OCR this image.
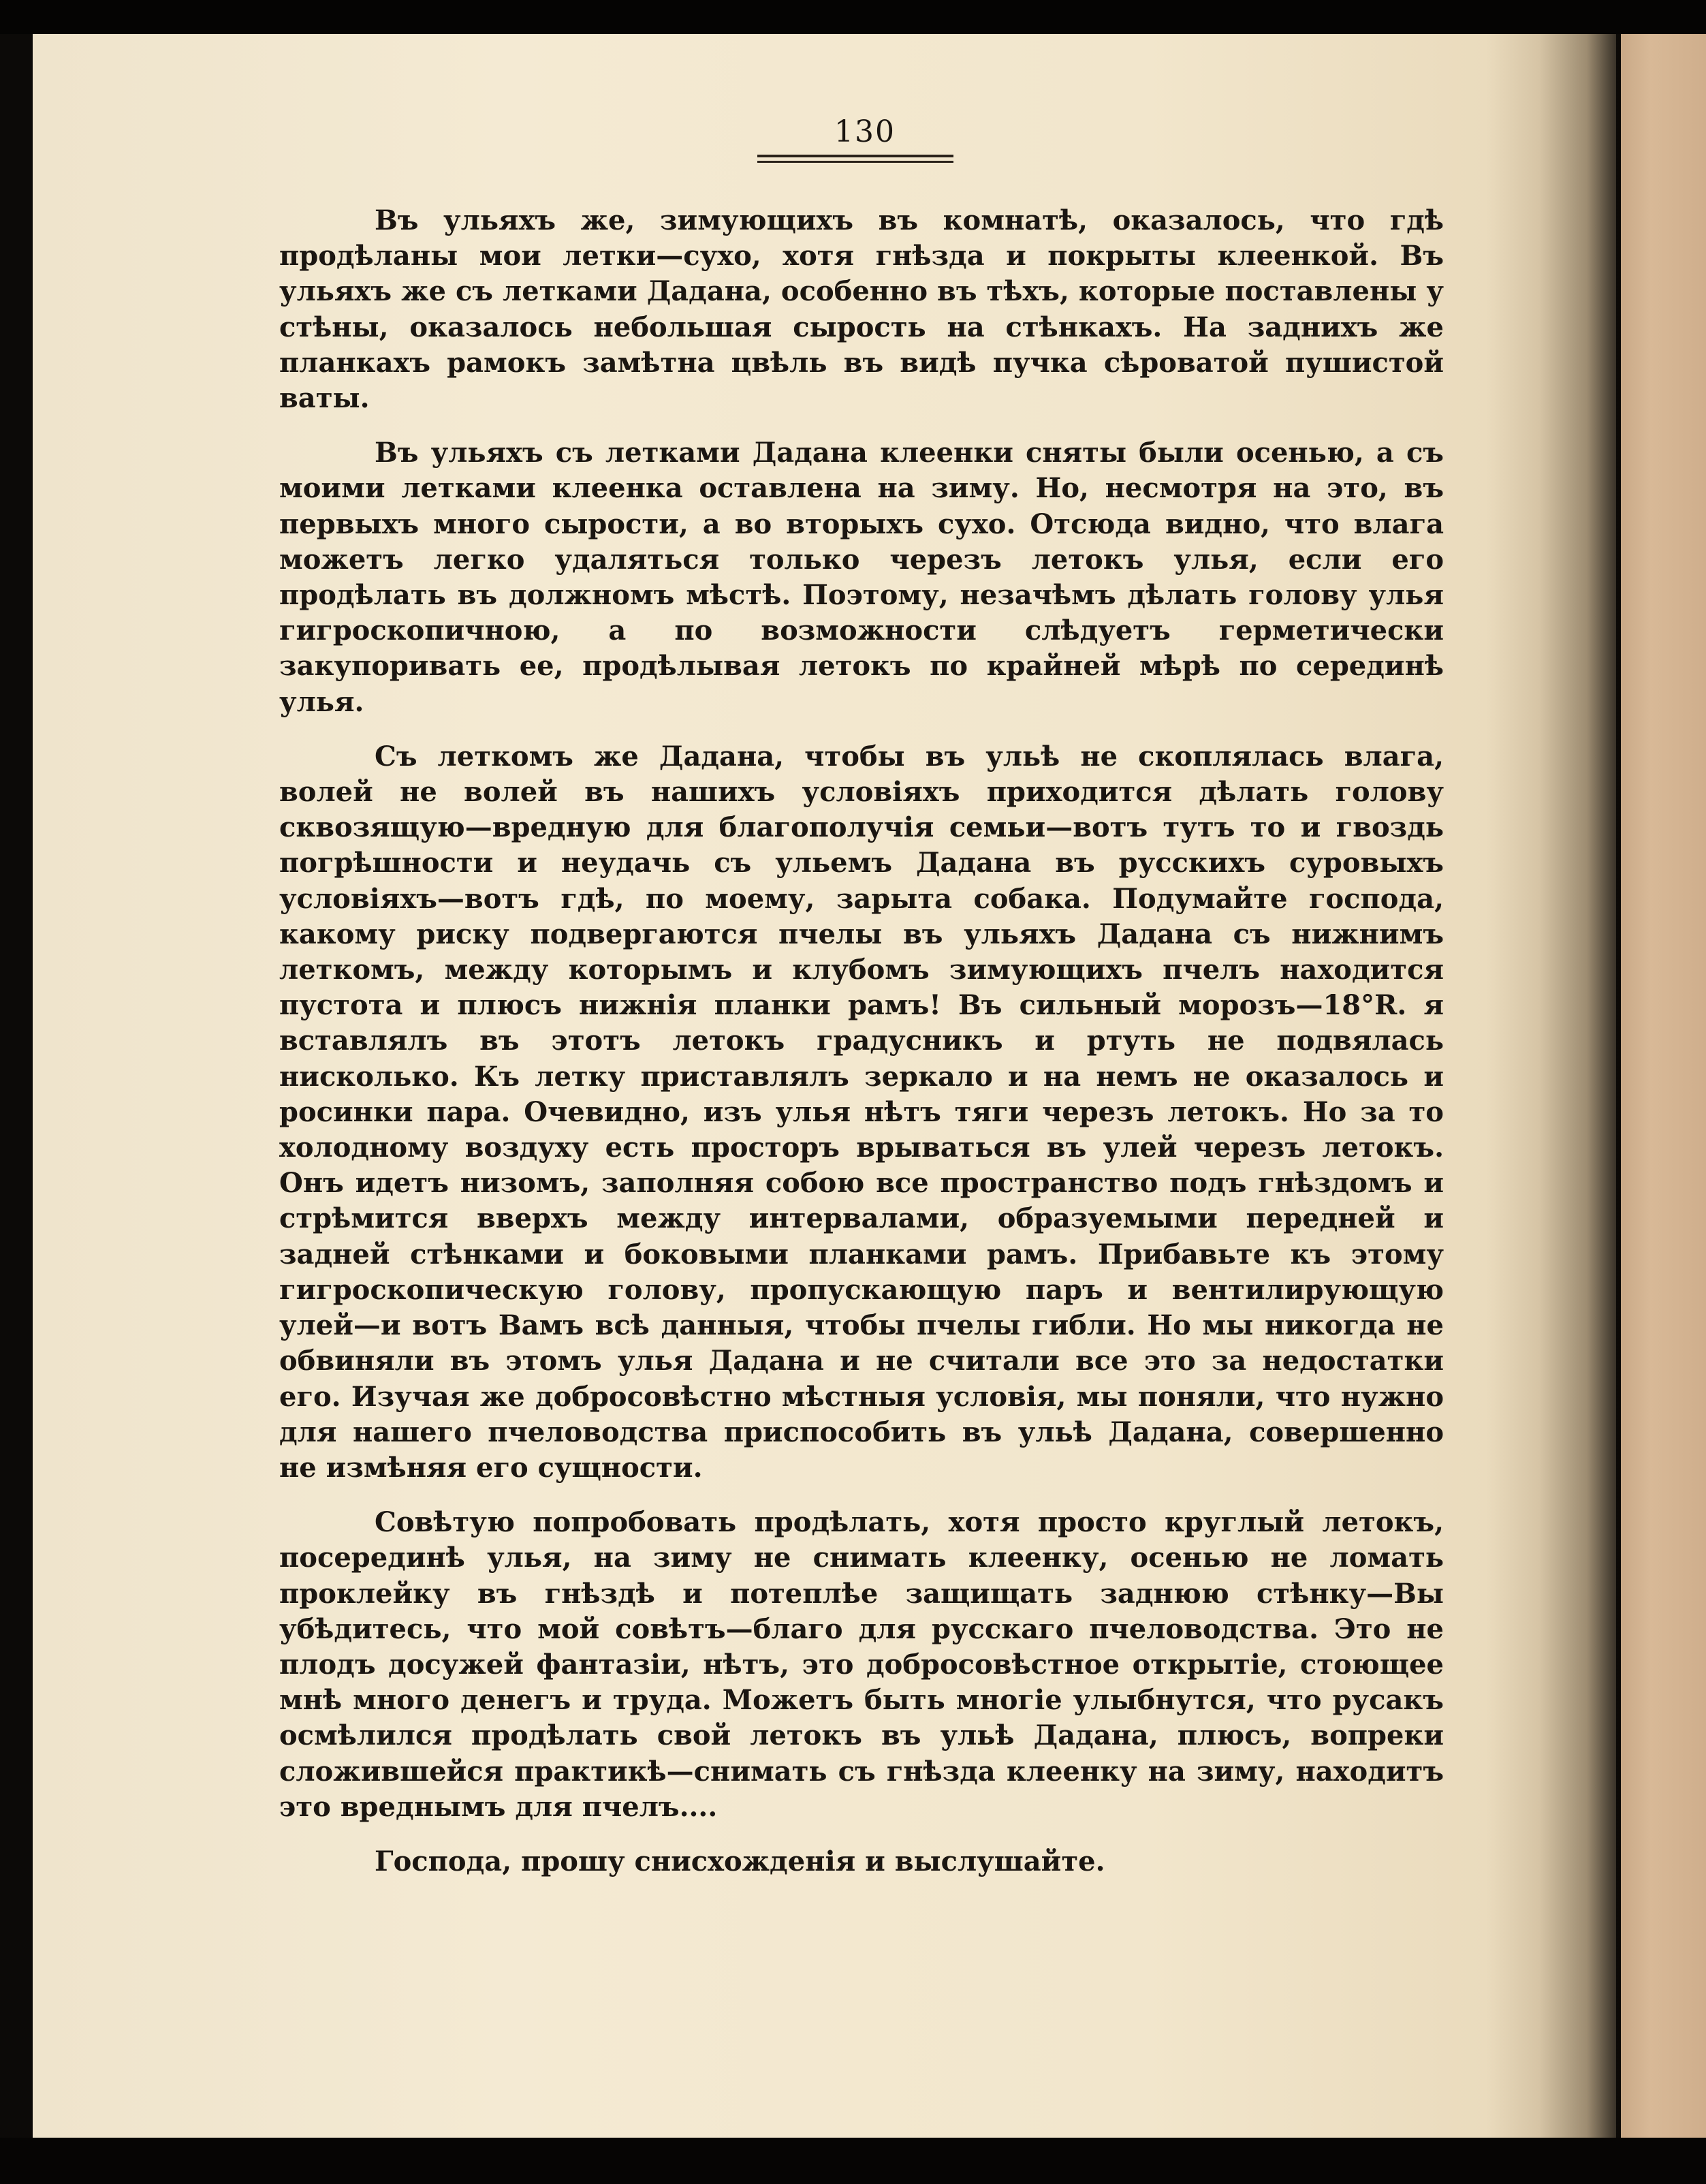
130

Въ ульяхъ же, зимующихъ въ комнатѣ, оказалось, что гдѣ продѣланы мои летки—сухо, хотя гнѣзда и покрыты клеенкой. Въ ульяхъ же съ летками Дадана, особенно въ тѣхъ, которые поставлены у стѣны, оказалось небольшая сырость на стѣнкахъ. На заднихъ же планкахъ рамокъ замѣтна цвѣль въ видѣ пучка сѣроватой пушистой ваты.

Въ ульяхъ съ летками Дадана клеенки сняты были осенью, а съ моими летками клеенка оставлена на зиму. Но, несмотря на это, въ первыхъ много сырости, а во вторыхъ сухо. Отсюда видно, что влага можетъ легко удаляться только черезъ летокъ улья, если его продѣлать въ должномъ мѣстѣ. Поэтому, незачѣмъ дѣлать голову улья гигроскопичною, а по возможности слѣдуетъ герметически закупоривать ее, продѣлывая летокъ по крайней мѣрѣ по серединѣ улья.

Съ леткомъ же Дадана, чтобы въ ульѣ не скоплялась влага, волей не волей въ нашихъ условіяхъ приходится дѣлать голову сквозящую—вредную для благополучія семьи—вотъ тутъ то и гвоздь погрѣшности и неудачь съ ульемъ Дадана въ русскихъ суровыхъ условіяхъ—вотъ гдѣ, по моему, зарыта собака. Подумайте господа, какому риску подвергаются пчелы въ ульяхъ Дадана съ нижнимъ леткомъ, между которымъ и клубомъ зимующихъ пчелъ находится пустота и плюсъ нижнія планки рамъ! Въ сильный морозъ—18°R. я вставлялъ въ этотъ летокъ градусникъ и ртуть не подвялась нисколько. Къ летку приставлялъ зеркало и на немъ не оказалось и росинки пара. Очевидно, изъ улья нѣтъ тяги черезъ летокъ. Но за то холодному воздуху есть просторъ врываться въ улей черезъ летокъ. Онъ идетъ низомъ, заполняя собою все пространство подъ гнѣздомъ и стрѣмится вверхъ между интервалами, образуемыми передней и задней стѣнками и боковыми планками рамъ. Прибавьте къ этому гигроскопическую голову, пропускающую паръ и вентилирующую улей—и вотъ Вамъ всѣ данныя, чтобы пчелы гибли. Но мы никогда не обвиняли въ этомъ улья Дадана и не считали все это за недостатки его. Изучая же добросовѣстно мѣстныя условія, мы поняли, что нужно для нашего пчеловодства приспособить въ ульѣ Дадана, совершенно не измѣняя его сущности.

Совѣтую попробовать продѣлать, хотя просто круглый летокъ, посерединѣ улья, на зиму не снимать клеенку, осенью не ломать проклейку въ гнѣздѣ и потеплѣе защищать заднюю стѣнку—Вы убѣдитесь, что мой совѣтъ—благо для русскаго пчеловодства. Это не плодъ досужей фантазіи, нѣтъ, это добросовѣстное открытіе, стоющее мнѣ много денегъ и труда. Можетъ быть многіе улыбнутся, что русакъ осмѣлился продѣлать свой летокъ въ ульѣ Дадана, плюсъ, вопреки сложившейся практикѣ—снимать съ гнѣзда клеенку на зиму, находитъ это вреднымъ для пчелъ....

Господа, прошу снисхожденія и выслушайте.
